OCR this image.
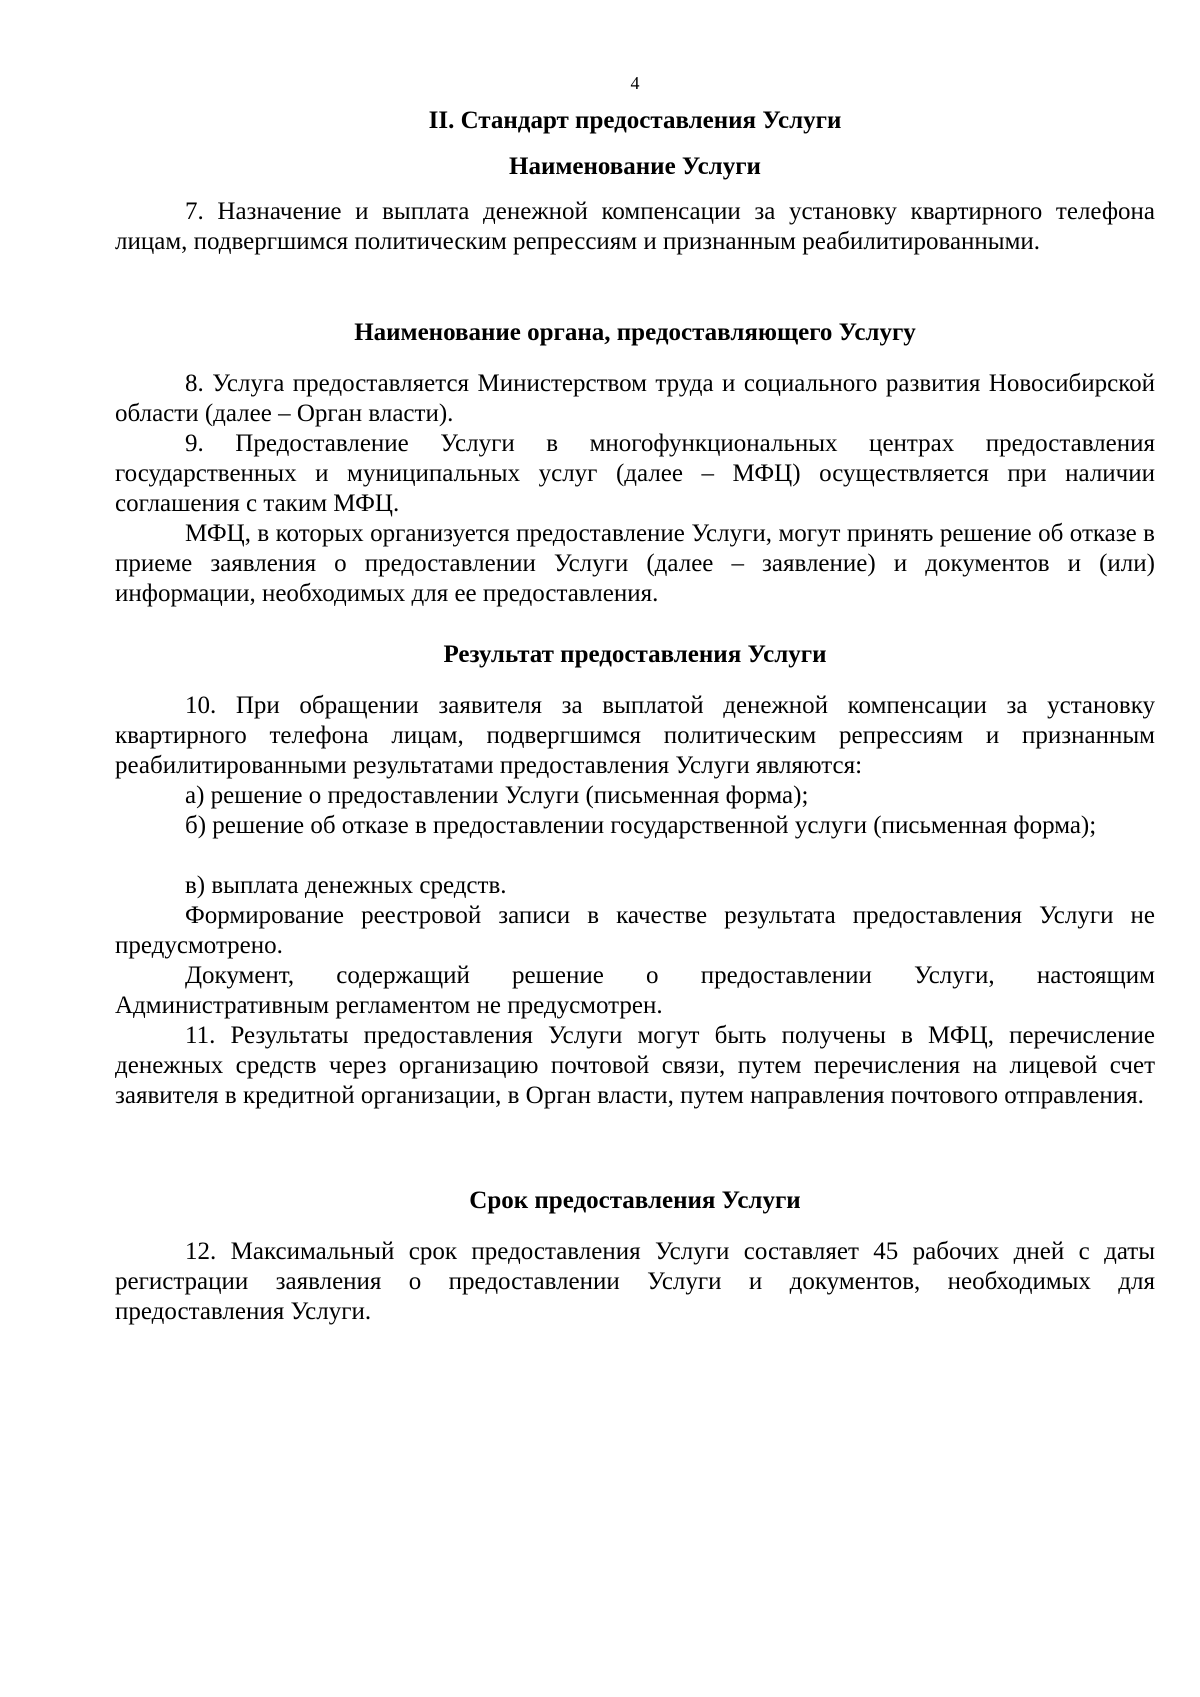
4
II. Стандарт предоставления Услуги
Наименование Услуги

7. Назначение и выплата денежной компенсации за установку квартирного телефона лицам, подвергшимся политическим репрессиям и признанным реабилитированными.

Наименование органа, предоставляющего Услугу

8. Услуга предоставляется Министерством труда и социального развития Новосибирской области (далее – Орган власти).

9. Предоставление Услуги в многофункциональных центрах предоставления государственных и муниципальных услуг (далее – МФЦ) осуществляется при наличии соглашения с таким МФЦ.

МФЦ, в которых организуется предоставление Услуги, могут принять решение об отказе в приеме заявления о предоставлении Услуги (далее – заявление) и документов и (или) информации, необходимых для ее предоставления.

Результат предоставления Услуги

10. При обращении заявителя за выплатой денежной компенсации за установку квартирного телефона лицам, подвергшимся политическим репрессиям и признанным реабилитированными результатами предоставления Услуги являются:

а) решение о предоставлении Услуги (письменная форма);

б) решение об отказе в предоставлении государственной услуги (письменная форма);

в) выплата денежных средств.

Формирование реестровой записи в качестве результата предоставления Услуги не предусмотрено.

Документ, содержащий решение о предоставлении Услуги, настоящим Административным регламентом не предусмотрен.

11. Результаты предоставления Услуги могут быть получены в МФЦ, перечисление денежных средств через организацию почтовой связи, путем перечисления на лицевой счет заявителя в кредитной организации, в Орган власти, путем направления почтового отправления.

Срок предоставления Услуги

12. Максимальный срок предоставления Услуги составляет 45 рабочих дней с даты регистрации заявления о предоставлении Услуги и документов, необходимых для предоставления Услуги.
